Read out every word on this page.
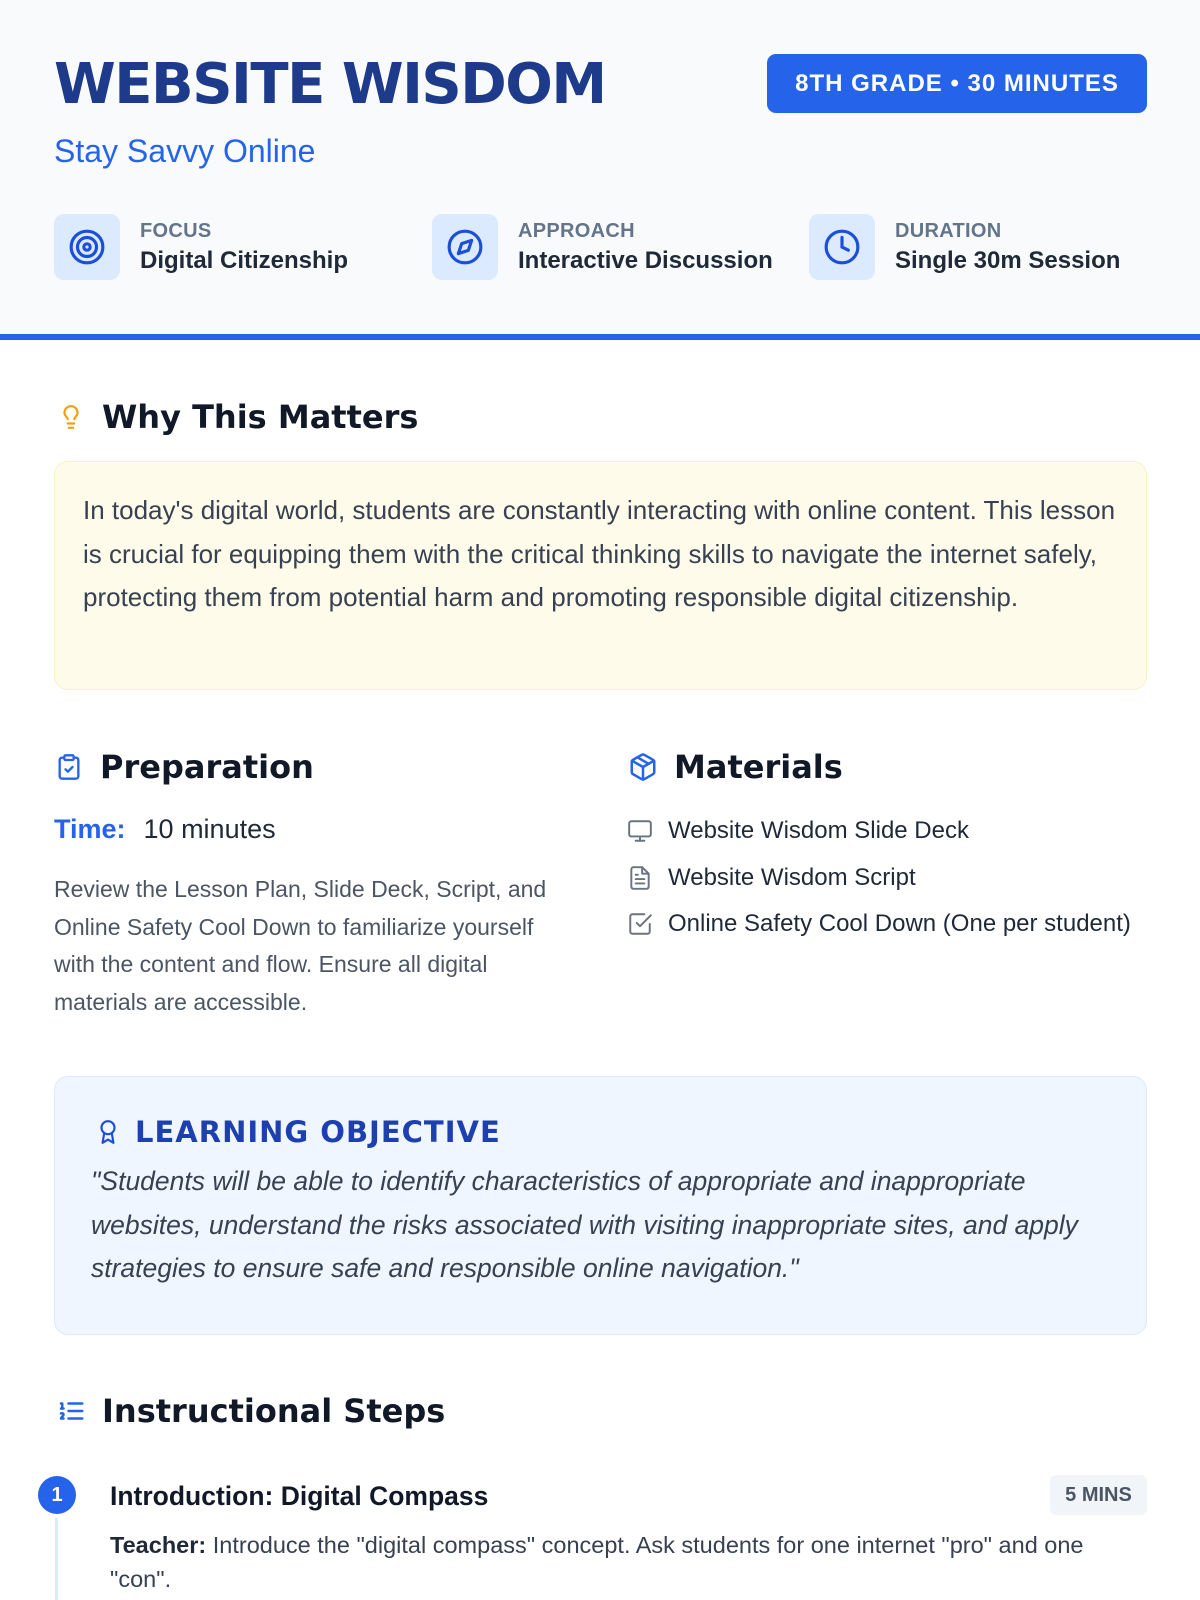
WEBSITE WISDOM
Stay Savvy Online
8TH GRADE • 30 MINUTES
FOCUS
Digital Citizenship
APPROACH
Interactive Discussion
DURATION
Single 30m Session
Why This Matters
In today's digital world, students are constantly interacting with online content. This lesson is crucial for equipping them with the critical thinking skills to navigate the internet safely, protecting them from potential harm and promoting responsible digital citizenship.
Preparation
Time: 10 minutes
Review the Lesson Plan, Slide Deck, Script, and Online Safety Cool Down to familiarize yourself with the content and flow. Ensure all digital materials are accessible.
Materials
Website Wisdom Slide Deck
Website Wisdom Script
Online Safety Cool Down (One per student)
LEARNING OBJECTIVE
"Students will be able to identify characteristics of appropriate and inappropriate websites, understand the risks associated with visiting inappropriate sites, and apply strategies to ensure safe and responsible online navigation."
Instructional Steps
1	Introduction: Digital Compass	5 MINS
Teacher: Introduce the "digital compass" concept. Ask students for one internet "pro" and one "con".
